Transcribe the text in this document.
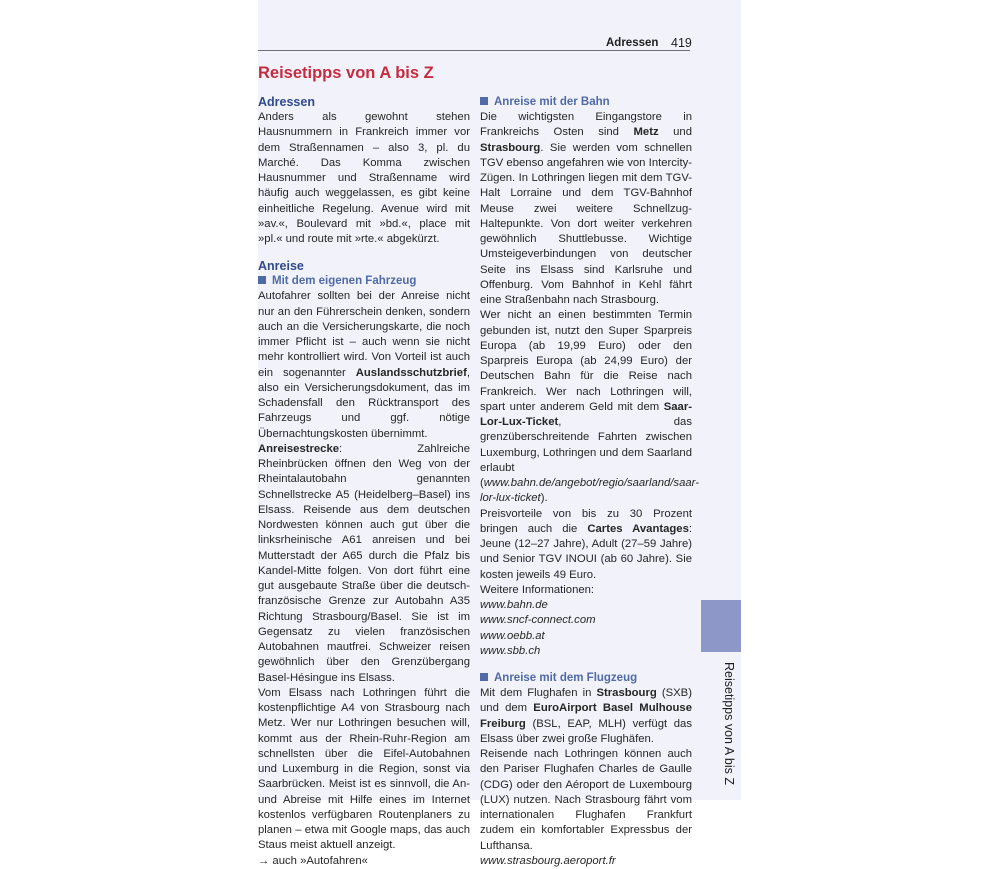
Adressen 419
Reisetipps von A bis Z
Adressen

Anders als gewohnt stehen Hausnummern in Frankreich immer vor dem Straßennamen – also 3, pl. du Marché. Das Komma zwischen Hausnummer und Straßenname wird häufig auch weggelassen, es gibt keine einheitliche Regelung. Avenue wird mit »av.«, Boulevard mit »bd.«, place mit »pl.« und route mit »rte.« abgekürzt.

Anreise
Mit dem eigenen Fahrzeug

Autofahrer sollten bei der Anreise nicht nur an den Führerschein denken, sondern auch an die Versicherungskarte, die noch immer Pflicht ist – auch wenn sie nicht mehr kontrolliert wird. Von Vorteil ist auch ein sogenannter Auslandsschutzbrief, also ein Versicherungsdokument, das im Schadensfall den Rücktransport des Fahrzeugs und ggf. nötige Übernachtungskosten übernimmt.

Anreisestrecke: Zahlreiche Rheinbrücken öffnen den Weg von der Rheintalautobahn genannten Schnellstrecke A5 (Heidelberg–Basel) ins Elsass. Reisende aus dem deutschen Nordwesten können auch gut über die linksrheinische A61 anreisen und bei Mutterstadt der A65 durch die Pfalz bis Kandel-Mitte folgen. Von dort führt eine gut ausgebaute Straße über die deutsch-französische Grenze zur Autobahn A35 Richtung Strasbourg/Basel. Sie ist im Gegensatz zu vielen französischen Autobahnen mautfrei. Schweizer reisen gewöhnlich über den Grenzübergang Basel-Hésingue ins Elsass.

Vom Elsass nach Lothringen führt die kostenpflichtige A4 von Strasbourg nach Metz. Wer nur Lothringen besuchen will, kommt aus der Rhein-Ruhr-Region am schnellsten über die Eifel-Autobahnen und Luxemburg in die Region, sonst via Saarbrücken. Meist ist es sinnvoll, die An- und Abreise mit Hilfe eines im Internet kostenlos verfügbaren Routenplaners zu planen – etwa mit Google maps, das auch Staus meist aktuell anzeigt.

→ auch »Autofahren«

Anreise mit der Bahn

Die wichtigsten Eingangstore in Frankreichs Osten sind Metz und Strasbourg. Sie werden vom schnellen TGV ebenso angefahren wie von Intercity-Zügen. In Lothringen liegen mit dem TGV-Halt Lorraine und dem TGV-Bahnhof Meuse zwei weitere Schnellzug-Haltepunkte. Von dort weiter verkehren gewöhnlich Shuttlebusse. Wichtige Umsteigeverbindungen von deutscher Seite ins Elsass sind Karlsruhe und Offenburg. Vom Bahnhof in Kehl fährt eine Straßenbahn nach Strasbourg.

Wer nicht an einen bestimmten Termin gebunden ist, nutzt den Super Sparpreis Europa (ab 19,99 Euro) oder den Sparpreis Europa (ab 24,99 Euro) der Deutschen Bahn für die Reise nach Frankreich. Wer nach Lothringen will, spart unter anderem Geld mit dem Saar-Lor-Lux-Ticket, das grenzüberschreitende Fahrten zwischen Luxemburg, Lothringen und dem Saarland erlaubt (www.bahn.de/angebot/regio/saarland/saar-lor-lux-ticket).

Preisvorteile von bis zu 30 Prozent bringen auch die Cartes Avantages: Jeune (12–27 Jahre), Adult (27–59 Jahre) und Senior TGV INOUI (ab 60 Jahre). Sie kosten jeweils 49 Euro.

Weitere Informationen:

www.bahn.de

www.sncf-connect.com

www.oebb.at

www.sbb.ch

Anreise mit dem Flugzeug

Mit dem Flughafen in Strasbourg (SXB) und dem EuroAirport Basel Mulhouse Freiburg (BSL, EAP, MLH) verfügt das Elsass über zwei große Flughäfen.

Reisende nach Lothringen können auch den Pariser Flughafen Charles de Gaulle (CDG) oder den Aéroport de Luxembourg (LUX) nutzen. Nach Strasbourg fährt vom internationalen Flughafen Frankfurt zudem ein komfortabler Expressbus der Lufthansa.

www.strasbourg.aeroport.fr

Reisetipps von A bis Z
